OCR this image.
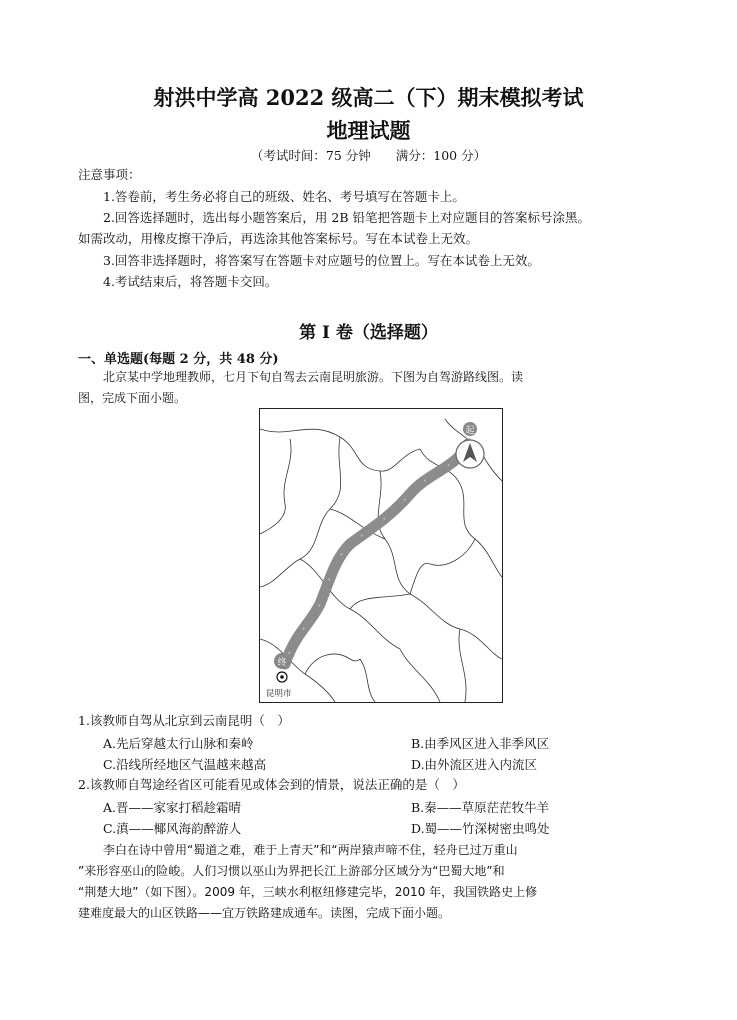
射洪中学高 2022 级高二（下）期末模拟考试
地理试题
（考试时间：75 分钟　　满分：100 分）
注意事项：
1.答卷前，考生务必将自己的班级、姓名、考号填写在答题卡上。
2.回答选择题时，选出每小题答案后，用 2B 铅笔把答题卡上对应题目的答案标号涂黑。
如需改动，用橡皮擦干净后，再选涂其他答案标号。写在本试卷上无效。
3.回答非选择题时，将答案写在答题卡对应题号的位置上。写在本试卷上无效。
4.考试结束后，将答题卡交回。
第 I 卷（选择题）
一、单选题(每题 2 分，共 48 分)
北京某中学地理教师，七月下旬自驾去云南昆明旅游。下图为自驾游路线图。读
图，完成下面小题。
起
终
昆明市
1.该教师自驾从北京到云南昆明（　）
A.先后穿越太行山脉和秦岭	B.由季风区进入非季风区
C.沿线所经地区气温越来越高	D.由外流区进入内流区
2.该教师自驾途经省区可能看见或体会到的情景，说法正确的是（　）
A.晋——家家打稻趁霜晴	B.秦——草原茫茫牧牛羊
C.滇——椰风海韵醉游人	D.蜀——竹深树密虫鸣处
李白在诗中曾用“蜀道之难，难于上青天”和“两岸猿声啼不住，轻舟已过万重山
”来形容巫山的险峻。人们习惯以巫山为界把长江上游部分区域分为“巴蜀大地”和
“荆楚大地”（如下图）。2009 年，三峡水利枢纽修建完毕，2010 年，我国铁路史上修
建难度最大的山区铁路——宜万铁路建成通车。读图，完成下面小题。
